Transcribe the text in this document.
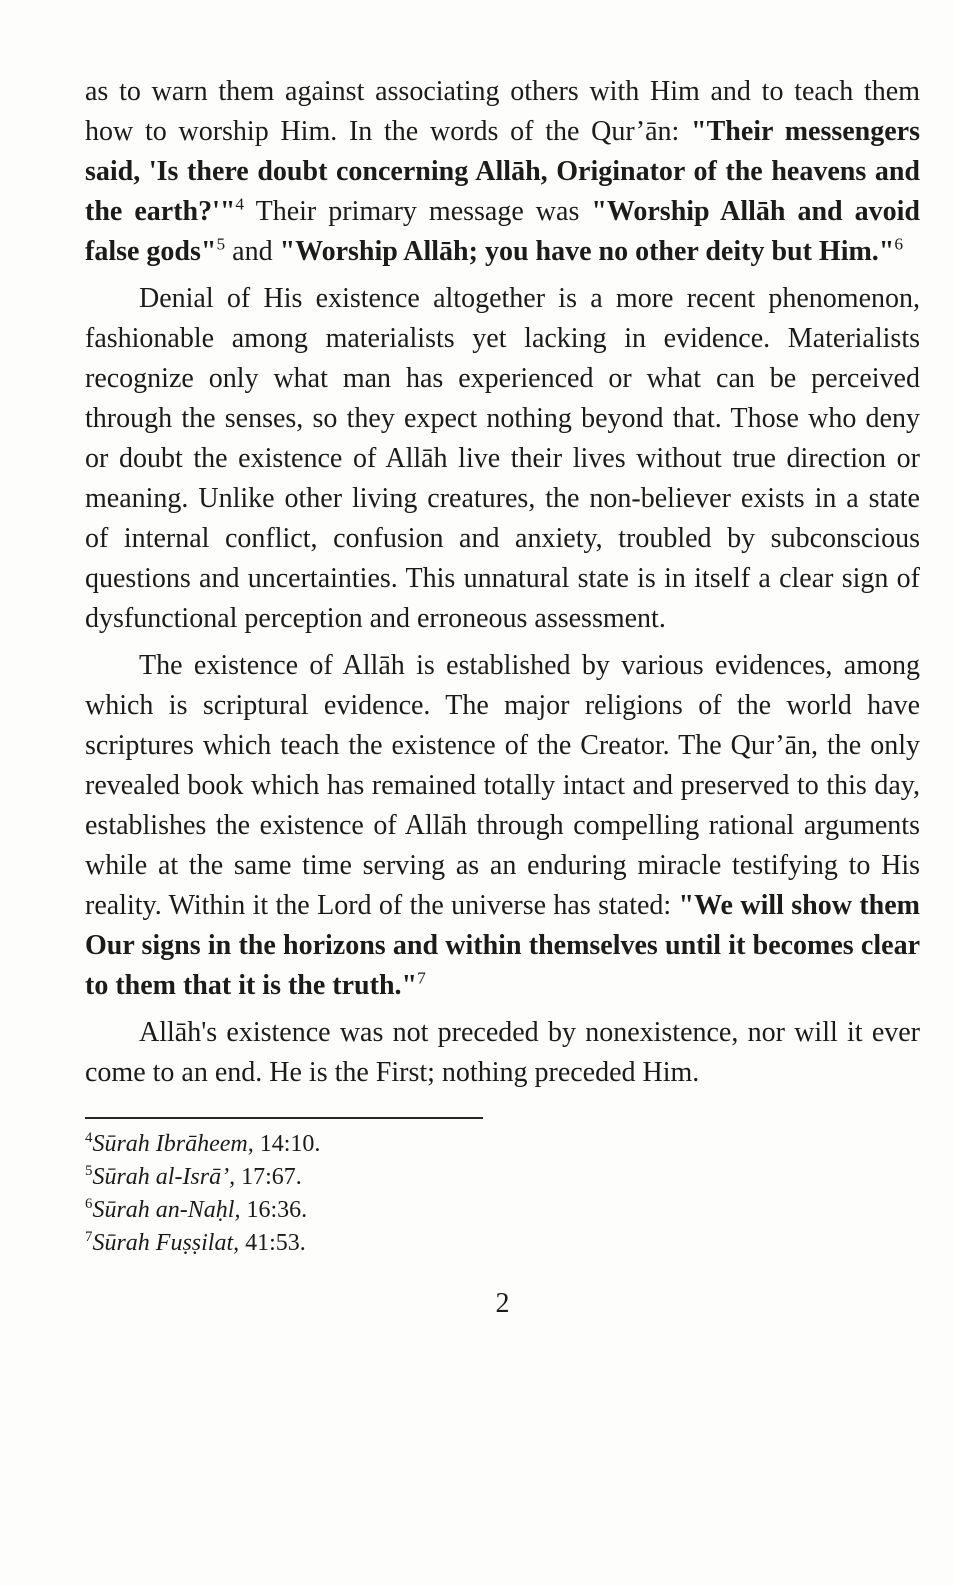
as to warn them against associating others with Him and to teach them how to worship Him. In the words of the Qur’ān: "Their messengers said, 'Is there doubt concerning Allāh, Originator of the heavens and the earth?'"$^4$ Their primary message was "Worship Allāh and avoid false gods"$^5$ and "Worship Allāh; you have no other deity but Him."$^6$

Denial of His existence altogether is a more recent phenomenon, fashionable among materialists yet lacking in evidence. Materialists recognize only what man has experienced or what can be perceived through the senses, so they expect nothing beyond that. Those who deny or doubt the existence of Allāh live their lives without true direction or meaning. Unlike other living creatures, the non-believer exists in a state of internal conflict, confusion and anxiety, troubled by subconscious questions and uncertainties. This unnatural state is in itself a clear sign of dysfunctional perception and erroneous assessment.

The existence of Allāh is established by various evidences, among which is scriptural evidence. The major religions of the world have scriptures which teach the existence of the Creator. The Qur’ān, the only revealed book which has remained totally intact and preserved to this day, establishes the existence of Allāh through compelling rational arguments while at the same time serving as an enduring miracle testifying to His reality. Within it the Lord of the universe has stated: "We will show them Our signs in the horizons and within themselves until it becomes clear to them that it is the truth."$^7$

Allāh's existence was not preceded by nonexistence, nor will it ever come to an end. He is the First; nothing preceded Him.

$^4$Sūrah Ibrāheem, 14:10.
$^5$Sūrah al-Isrā’, 17:67.
$^6$Sūrah an-Naḥl, 16:36.
$^7$Sūrah Fuṣṣilat, 41:53.
2
